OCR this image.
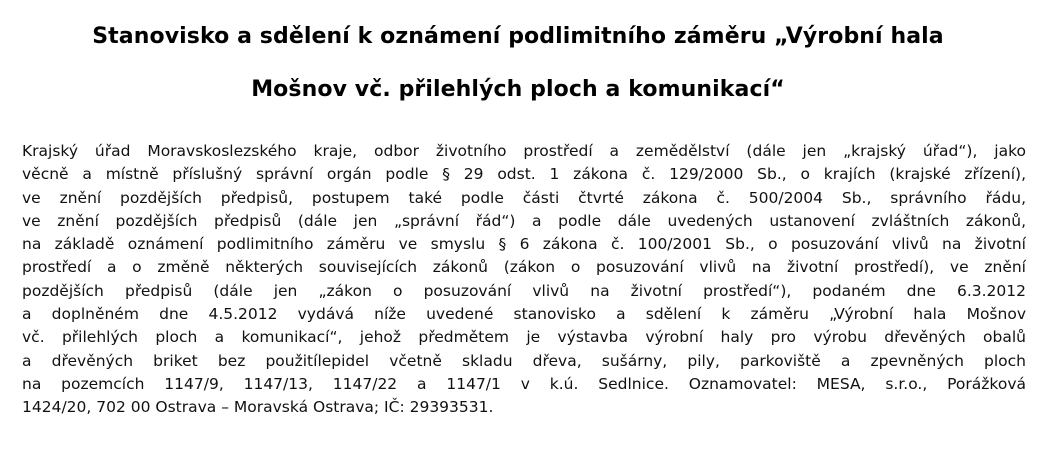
Stanovisko a sdělení k oznámení podlimitního záměru „Výrobní hala
Mošnov vč. přilehlých ploch a komunikací“
Krajský úřad Moravskoslezského kraje, odbor životního prostředí a zemědělství (dále jen „krajský úřad“), jako
věcně a místně příslušný správní orgán podle § 29 odst. 1 zákona č. 129/2000 Sb., o krajích (krajské zřízení),
ve znění pozdějších předpisů, postupem také podle části čtvrté zákona č. 500/2004 Sb., správního řádu,
ve znění pozdějších předpisů (dále jen „správní řád“) a podle dále uvedených ustanovení zvláštních zákonů,
na základě oznámení podlimitního záměru ve smyslu § 6 zákona č. 100/2001 Sb., o posuzování vlivů na životní
prostředí a o změně některých souvisejících zákonů (zákon o posuzování vlivů na životní prostředí), ve znění
pozdějších předpisů (dále jen „zákon o posuzování vlivů na životní prostředí“), podaném dne 6.3.2012
a doplněném dne 4.5.2012 vydává níže uvedené stanovisko a sdělení k záměru „Výrobní hala Mošnov
vč. přilehlých ploch a komunikací“, jehož předmětem je výstavba výrobní haly pro výrobu dřevěných obalů
a dřevěných briket bez použitílepidel včetně skladu dřeva, sušárny, pily, parkoviště a zpevněných ploch
na pozemcích 1147/9, 1147/13, 1147/22 a 1147/1 v k.ú. Sedlnice. Oznamovatel: MESA, s.r.o., Porážková
1424/20, 702 00 Ostrava – Moravská Ostrava; IČ: 29393531.
